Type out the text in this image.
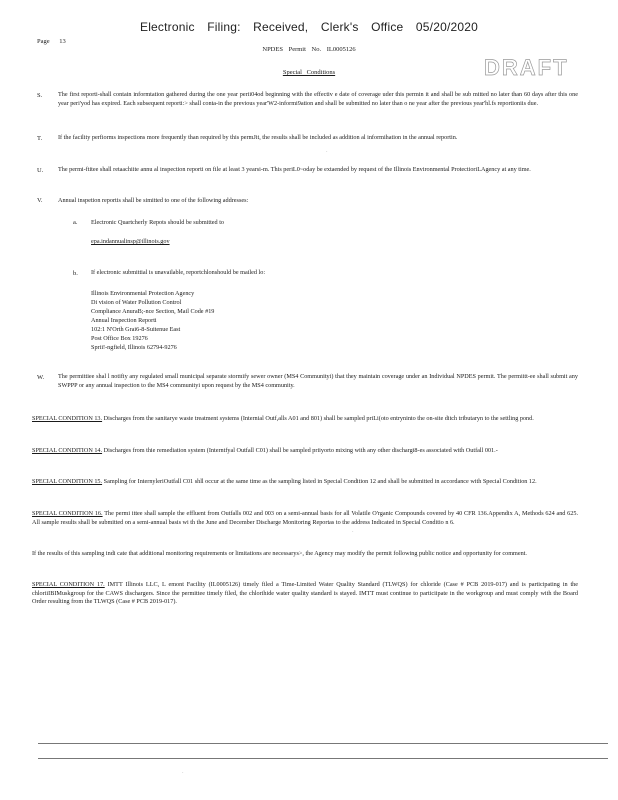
Electronic Filing: Received, Clerk's Office 05/20/2020
Page 13
NPDES Permit No. IL0005126
DRAFT
Special Conditions
S.	The first reporti-shall contain informtation gathered during the one year perii04od beginning with the effectiv e date of coverage uder this permin it and shall be sub mitted no later than 60 days after this one year peri'yod has expired. Each subsequent reporti:> shall conta-in the previous year'W2-informi9ation and shall be submitted no later than o ne year after the previous year'hl.fs reportioniis due.
T.	If the facility perfiorms inspections more frequently than required by this permJit, the results shall be included as addition al informihation in the annual reportin.
U. The permi-ftitee shall retaachiite annu al inspection reporti on file at least 3 yearsi-m. This periL0~oday be extaended by request of the Illinois Environmental ProtectioriLAgency at any time.
V.	Annual inspetion reportis shall be simitted to one of the following addresses:
a. Electronic Quartcherly Repots should be submitted to
epa.indannualinsp@illinois.gov
b. If electronic submittial is unavailable, reportchlonshould be mailed lo:
Illinois Environmental Protection Agency
Di vision of Water Pollution Control
Compliance AnuraB;-nce Section, Mail Code #19
Annual Inspection Reporti
102:1 N'Orth Grai6-8-Suitenue East
Post Office Box 19276
Sprii!-ngfield, Illinois 62794-9276
W. The permittiee shal l notifiy any regulated small municipal separate stormify sewer owner (MS4 Communityi) that they maintain coverage under an Individual NPDES permit. The permiitt-ee shall submit any SWPPP or any annual inspection to the MS4 communityi upon request by the MS4 community.
SPECIAL CONDITION 13. Discharges from the sanitarye waste treatment systems (Internial Outf,alls A01 and 801) shall be sampled priLi(oto entryninto the on-site ditch tributaryn to the settling pond.
SPECIAL CONDITION 14. Discharges from thie remediation system (Interntfyal Outfall C01) shall be sampled priiyorto mixing with any other dischargi8-es associated with Outfall 001.-
SPECIAL CONDITION 15. Sampling for InternyleriOutfall C01 shll occur at the same time as the sampling listed in Special Condition 12 and shall be submitted in accordance with Special Condition 12.
SPECIAL CONDITION 16. The permi ittee shall sample the effluent from Outfalls 002 and 003 on a semi-annual basis for all Volatile O'rganic Compounds covered by 40 CFR 136.Appendix A, Methods 624 and 625. All sample results shall be submitted on a semi-annual basis wi th the June and December Discharge Monitoring Reportas to the address Indicated in Special Conditio n 6.
If the results of this sampling indi cate that additional monitoring requirements or limitations are necessarys>, the Agency may modify the permit following public notice and opportunity for comment.
SPECIAL CONDITION 17. IMTT Illinois LLC, L emont Facility (IL0005126) timely filed a Time-Limited Water Quality Standard (TLWQS) for chloride (Case # PCB 2019-017) and is participating in the chloriiIBIMuskgroup for the CAWS dischargers. Since the permittee timely filed, the chlorihide water quality standard is stayed. IMTT must continue to particiipate in the workgroup and must comply with the Board Order resulting from the TLWQS (Case # PCB 2019-017).
·
·
·
